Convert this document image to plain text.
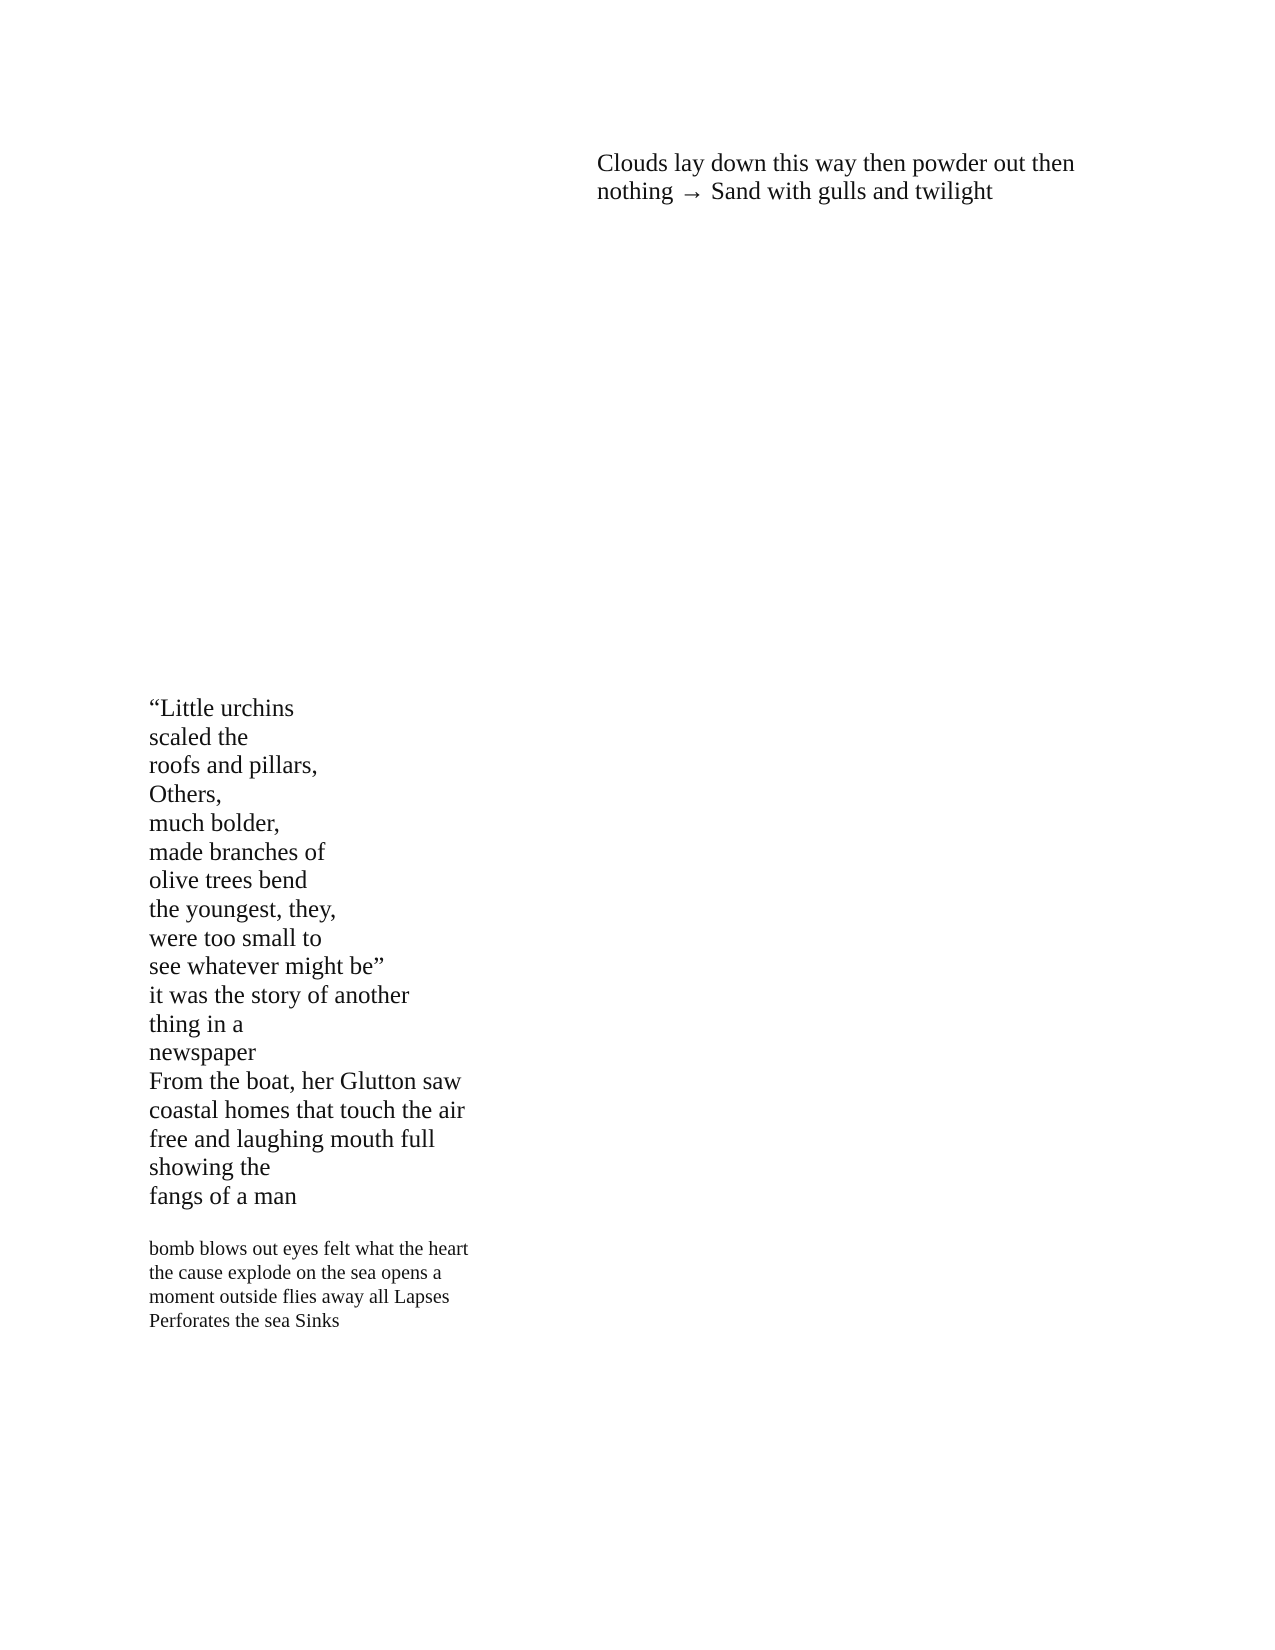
Clouds lay down this way then powder out then
nothing → Sand with gulls and twilight
“Little urchins
scaled the
roofs and pillars,
Others,
much bolder,
made branches of
olive trees bend
the youngest, they,
were too small to
see whatever might be”
it was the story of another
thing in a
newspaper
From the boat, her Glutton saw
coastal homes that touch the air
free and laughing mouth full
showing the
fangs of a man
bomb blows out eyes felt what the heart
the cause explode on the sea opens a
moment outside flies away all Lapses
Perforates the sea Sinks
